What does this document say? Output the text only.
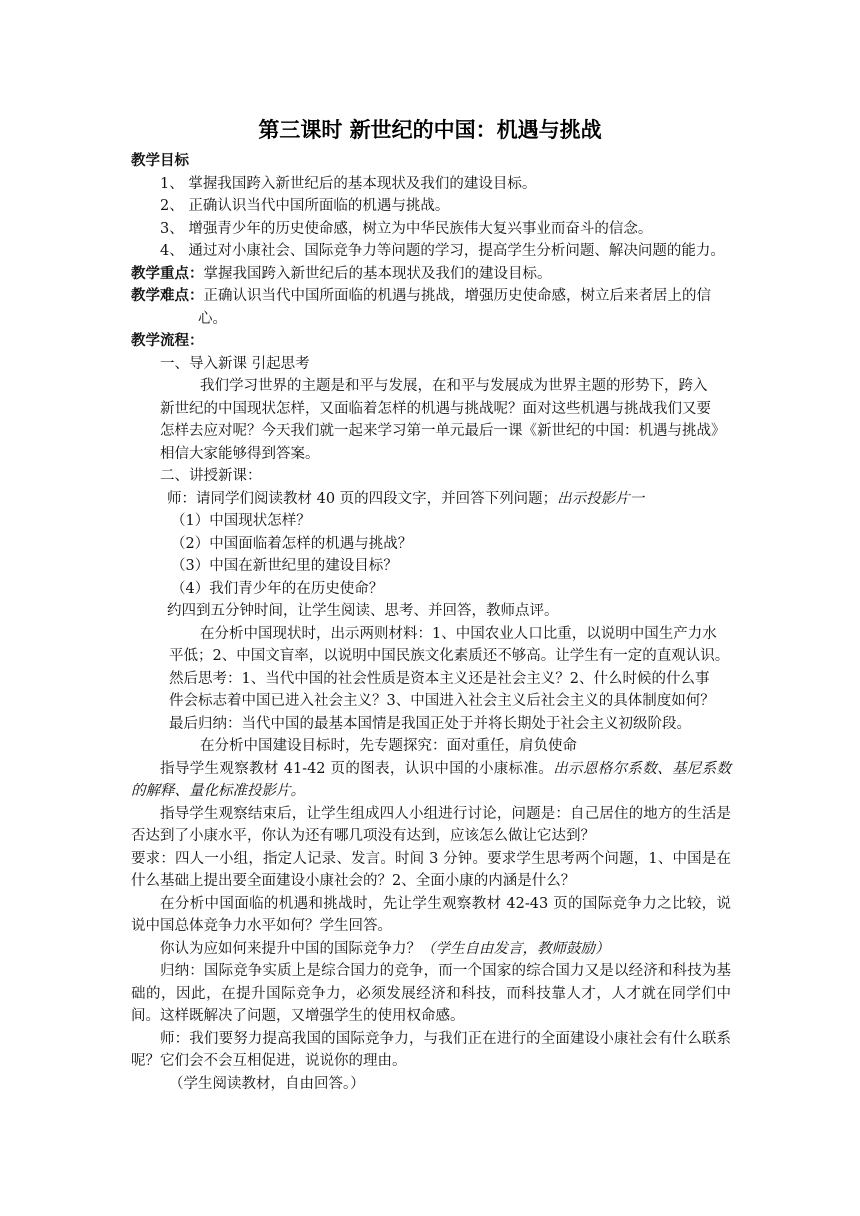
第三课时 新世纪的中国：机遇与挑战
教学目标
1、 掌握我国跨入新世纪后的基本现状及我们的建设目标。
2、 正确认识当代中国所面临的机遇与挑战。
3、 增强青少年的历史使命感，树立为中华民族伟大复兴事业而奋斗的信念。
4、 通过对小康社会、国际竞争力等问题的学习，提高学生分析问题、解决问题的能力。
教学重点：掌握我国跨入新世纪后的基本现状及我们的建设目标。
教学难点：正确认识当代中国所面临的机遇与挑战，增强历史使命感，树立后来者居上的信
心。
教学流程：
一、导入新课 引起思考
我们学习世界的主题是和平与发展，在和平与发展成为世界主题的形势下，跨入
新世纪的中国现状怎样，又面临着怎样的机遇与挑战呢？面对这些机遇与挑战我们又要
怎样去应对呢？今天我们就一起来学习第一单元最后一课《新世纪的中国：机遇与挑战》
相信大家能够得到答案。
二、讲授新课：
师：请同学们阅读教材 40 页的四段文字，并回答下列问题；出示投影片一
（1）中国现状怎样？
（2）中国面临着怎样的机遇与挑战？
（3）中国在新世纪里的建设目标？
（4）我们青少年的在历史使命？
约四到五分钟时间，让学生阅读、思考、并回答，教师点评。
在分析中国现状时，出示两则材料：1、中国农业人口比重，以说明中国生产力水
平低；2、中国文盲率，以说明中国民族文化素质还不够高。让学生有一定的直观认识。
然后思考：1、当代中国的社会性质是资本主义还是社会主义？2、什么时候的什么事
件会标志着中国已进入社会主义？3、中国进入社会主义后社会主义的具体制度如何？
最后归纳：当代中国的最基本国情是我国正处于并将长期处于社会主义初级阶段。
在分析中国建设目标时，先专题探究：面对重任，肩负使命
指导学生观察教材 41-42 页的图表，认识中国的小康标准。出示恩格尔系数、基尼系数的解释、量化标准投影片。
指导学生观察结束后，让学生组成四人小组进行讨论，问题是：自己居住的地方的生活是否达到了小康水平，你认为还有哪几项没有达到，应该怎么做让它达到？
要求：四人一小组，指定人记录、发言。时间 3 分钟。要求学生思考两个问题，1、中国是在什么基础上提出要全面建设小康社会的？2、全面小康的内涵是什么？
在分析中国面临的机遇和挑战时，先让学生观察教材 42-43 页的国际竞争力之比较，说说中国总体竞争力水平如何？学生回答。
你认为应如何来提升中国的国际竞争力？（学生自由发言，教师鼓励）
归纳：国际竞争实质上是综合国力的竞争，而一个国家的综合国力又是以经济和科技为基础的，因此，在提升国际竞争力，必须发展经济和科技，而科技靠人才，人才就在同学们中间。这样既解决了问题，又增强学生的使用权命感。
师：我们要努力提高我国的国际竞争力，与我们正在进行的全面建设小康社会有什么联系呢？它们会不会互相促进，说说你的理由。
（学生阅读教材，自由回答。）
